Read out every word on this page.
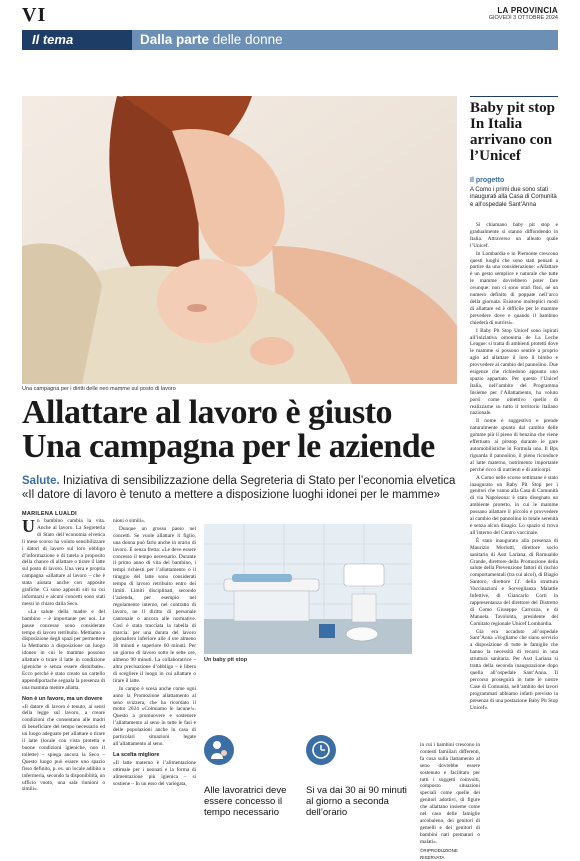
VI	LA PROVINCIA
GIOVEDÌ 3 OTTOBRE 2024
Il tema	Dalla parte delle donne
Una campagna per i diritti delle neo mamme sul posto di lavoro
Allattare al lavoro è giusto
Una campagna per le aziende
Salute. Iniziativa di sensibilizzazione della Segreteria di Stato per l’economia elvetica «Il datore di lavoro è tenuto a mettere a disposizione luoghi idonei per le mamme»
MARILENA LUALDI

Un bambino cambia la vita. Anche al lavoro. La Segreteria di Stato dell’economia elvetica li mese scorso ha voluto sensibilizzare i datori di lavoro sul loro obbligo d’informazione e di tutela a proposito della chance di allattare o tirare il latte sul posto di lavoro. Una vera e propria campagna «allattare al lavoro – che è stata aiutata anche con apposite grafiche. Ci sono appositi siti su cui informarsi e alcuni concetti sono stati messi in chiaro dalla Seco.

«La salute della madre e del bambino – è importante per noi. Le pause concesse sono considerate tempo di lavoro retribuito. Mettiamo a disposizione degli spazi per permettere la Mettiamo a disposizione un luogo idoneo in cui le mamme possono allattare o tirare il latte in condizione igieniche e senza essere disturbate». Ecco perché è stato creato un cartello appendiportache segnala la presenza di una mamma mentre allatta.

Non è un favore, ma un dovere

«Il datore di lavoro è tenuto, ai sensi della legge sul lavoro, a creare condizioni che consentano alle madri di beneficiare del tempo necessario ed un luogo adeguato per allattare o tirare il latte (locale con vista protetta e buone condizioni igieniche, non il toilette) – spiega ancora la Seco – Questo luogo può essere uno spazio fisso definito, p. es. un locale adibito a infermeria, secondo la disponibilità, un ufficio vuoto, una sala riunioni o simili».

nioni o simili».

Dunque un grosso passo nel concetti. Se vuole allattare il figlio, una donna può farlo anche in orario di lavoro. E senza fretta: «Le deve essere concesso il tempo necessario. Durante il primo anno di vita del bambino, i tempi richiesti per l’allattamento o il tiraggio del latte sono considerati tempo di lavoro retribuito entro dei limiti. Limiti disciplinati, secondo l’azienda, per esempio nel regolamento interno, nel contratto di lavoro, ne il diritto di personale cantonale o ancora alle normative. Così è stata tracciata la tabella di marcia: per una durata del lavoro giornaliero inferiore alle 4 ore almeno 30 minuti e superiore 60 minuti. Per un giorno di lavoro sotto le sette ore, almeno 90 minuti. La collaboratrice – altra precisazione d’obbligo – è libera di scegliere il luogo in cui allattare o tirare il latte.

In campo è scesa anche come ogni anno la Promozione allattamento al seno svizzera, che ha ricordato il motto 2024 «Colmiamo le lacune!». Questo a promuovere e sostenere l’allattamento al seno in tutte le fasi e delle popolazioni anche in caso di particolari situazioni legate all’allattamento al seno.

La scelta migliore

«Il latte materno è l’alimentazione ottimale per i neonati e la forma di alimentazione più igienica – si sostiene – In un esso del variegata,

Un baby pit stop
Alle lavoratrici deve essere concesso il tempo necessario
Si va dai 30 ai 90 minuti al giorno a seconda dell’orario

in cui i bambini crescono in contesti familiari differenti, fa cosa sulla llattamento al seno dovrebbe essere sostenuto e facilitato per tutti i soggetti coinvolti, composto situazioni speciali come quelle dei genitori adottivi, di figure che allattano insieme come nel caso delle famiglie arcobaleno, dei genitori di gemelli e dei genitori di bambini nati prematuri o malati».

©RIPRODUZIONE RISERVATA

Baby pit stop In Italia arrivano con l’Unicef
Il progetto
A Como i primi due sono stati inaugurati alla Casa di Comunità e all’ospedale Sant’Anna

Si chiamano baby pit stop e gradualmente si stanno diffondendo in Italia. Attraverso un alleato quale l’Unicef.

In Lombardia e in Piemonte crescono questi luoghi che sono stati pensati a partire da una considerazione: «Allattare è un gesto semplice e naturale che tutte le mamme dovrebbero poter fare ovunque: non ci sono orari fissi, né un numero definito di poppate nell’arco della giornata. Esistono molteplici modi di allattare ed è difficile per le mamme prevedere dove e quando il bambino chiederà di nutrirsi».

I Baby Pit Stop Unicef sono ispirati all’iniziativa omonima de La Leche League: si tratta di ambienti protetti dove le mamme si possono sentire a proprio agio ad allattare il loro il bimbo e provvedere al cambio del pannolino. Due esigenze che richiedono appunto uno spazio appartato. Per questo l’Unicef Italia, nell’ambito del Programma Insieme per l’Allattamento, ha voluto porsi come obiettivo quello di realizzarne su tutto il territorio italiano nazionale.

Il nome è suggestivo e prende naturalmente spunto dal cambio delle gomme più il pieno di benzina che viene effettuato ai pitstop durante le gare automobilistiche in Formula uno. Il Bps riguarda il pannolino, il pieno riconduce al latte materno, nutrimento importante perché ricco di nutrienti e di anticorpi.

A Como nelle scorse settimane è stato inaugurato un Baby Pit Stop per i genitori che vanno alla Casa di Comunità di via Napoleona: è stato disegnato un ambiente protetto, in cui le mamme possano allattare il piccolo e provvedere al cambio del pannolino in totale serenità e senza alcun disagio. Lo spazio si trova all’interno del Centro vaccinale.

È stato inaugurato alla presenza di Maurizio Morlotti, direttore socio sanitario di Asst Lariana, di Romualdo Grande, direttore della Promozione della salute della Prevenzione fattori di rischio comportamentali (tra cui alcol), di Biagio Santoro, direttore f.f. della struttura Vaccinazioni e Sorveglianza Malattie Infettive, di Giancarlo Corti in rappresentanza del direttore del Distretto di Como Giuseppe Carrozza, e di Manuela Tavolonta, presidente del Comitato regionale Unicef Lombardia.

Già era accaduto all’ospedale Sant’Anna «Vogliamo che siano servizio a disposizione di tutte le famiglie che hanno la necessità di recarsi in una struttura sanitaria. Per Asst Lariana si tratta della seconda inaugurazione dopo quella all’ospedale Sant’Anna. Il percorso proseguirà in tutte le nostre Case di Comunità, nell’ambito dei lavori programmati abbiamo infatti previsto la presenza di una postazione Baby Pit Stop Unicef».
